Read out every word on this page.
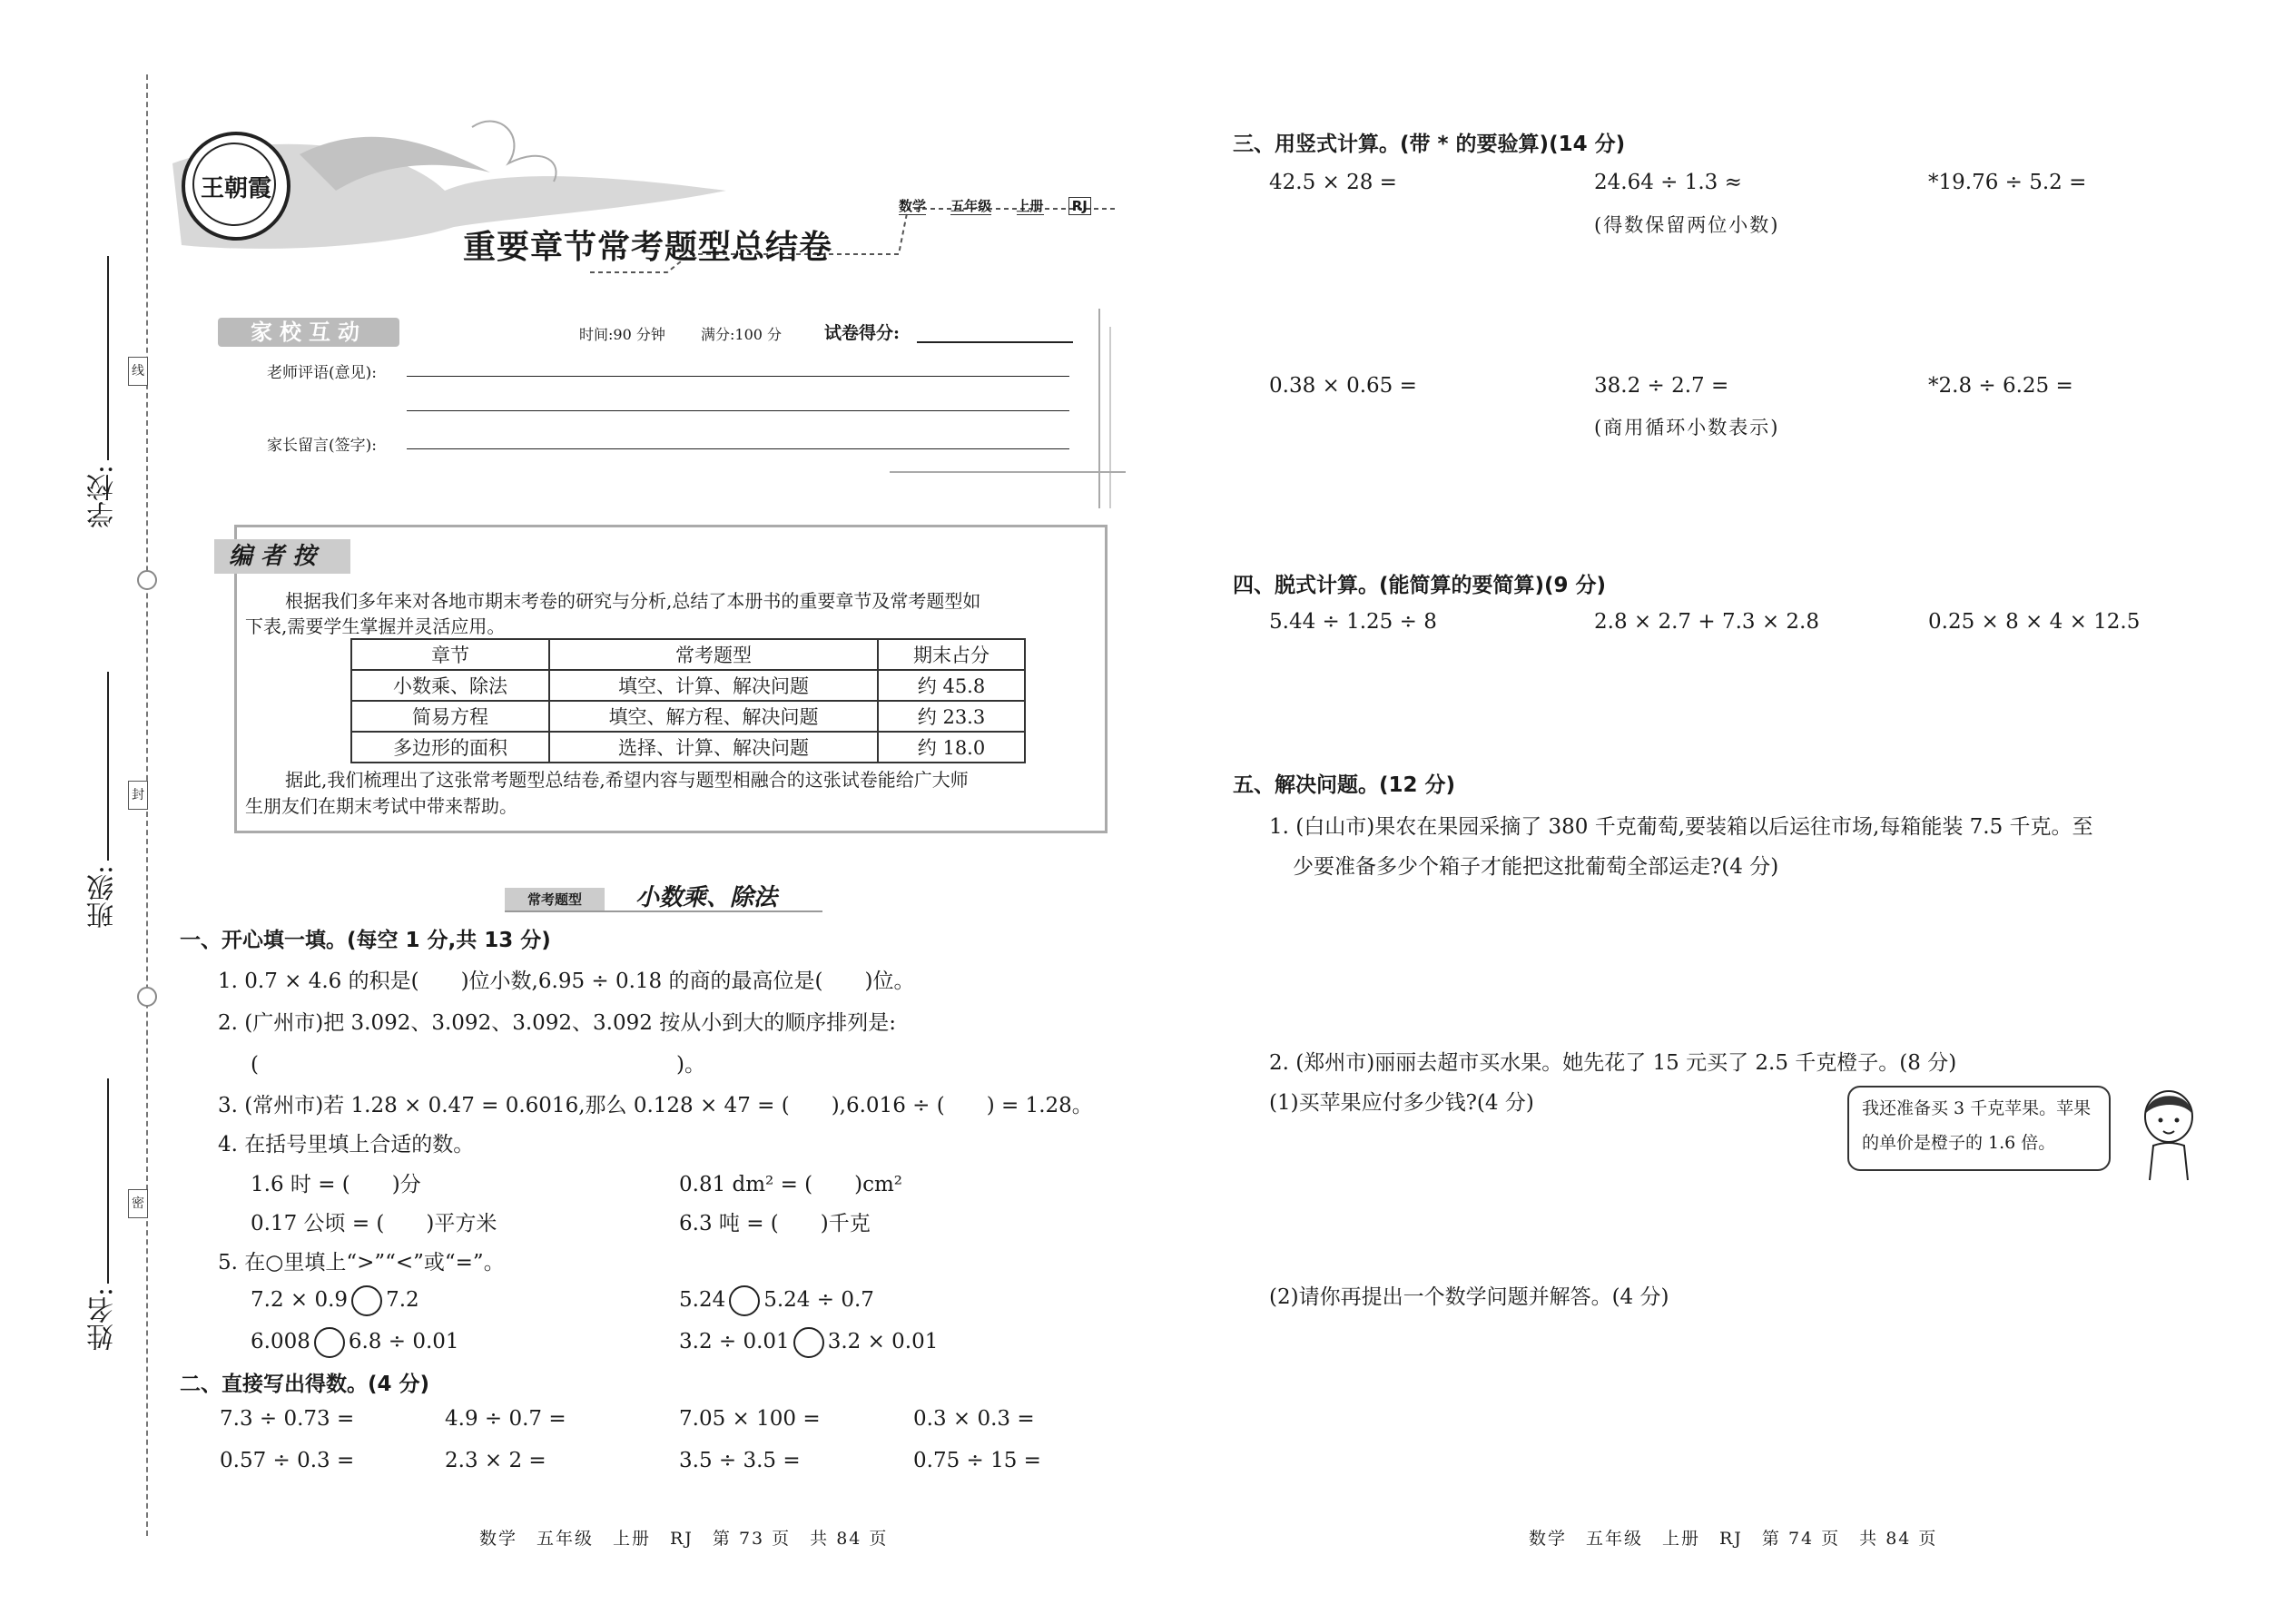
线
封
密
学校:
班级:
姓名:
王朝霞
数学 五年级 上册 RJ
重要章节常考题型总结卷
家校互动	时间:90 分钟 满分:100 分 试卷得分:
老师评语(意见):
家长留言(签字):
编 者 按
根据我们多年来对各地市期末考卷的研究与分析,总结了本册书的重要章节及常考题型如
下表,需要学生掌握并灵活应用。
章节	常考题型	期末占分
小数乘、除法	填空、计算、解决问题	约 45.8
简易方程	填空、解方程、解决问题	约 23.3
多边形的面积	选择、计算、解决问题	约 18.0
据此,我们梳理出了这张常考题型总结卷,希望内容与题型相融合的这张试卷能给广大师
生朋友们在期末考试中带来帮助。
常考题型	小数乘、除法
一、开心填一填。(每空 1 分,共 13 分)
1. 0.7 × 4.6 的积是(　　)位小数,6.95 ÷ 0.18 的商的最高位是(　　)位。
2. (广州市)把 3.092、3.092、3.092、3.092 按从小到大的顺序排列是:
(　　　　　　　　　　　　　　　　　　　　)。
3. (常州市)若 1.28 × 0.47 = 0.6016,那么 0.128 × 47 = (　　),6.016 ÷ (　　) = 1.28。
4. 在括号里填上合适的数。
1.6 时 = (　　)分	0.81 dm² = (　　)cm²
0.17 公顷 = (　　)平方米	6.3 吨 = (　　)千克
5. 在○里填上“>”“<”或“=”。
7.2 × 0.9 7.2	5.24 5.24 ÷ 0.7
6.008 6.8 ÷ 0.01	3.2 ÷ 0.01 3.2 × 0.01
二、直接写出得数。(4 分)
7.3 ÷ 0.73 =	4.9 ÷ 0.7 =	7.05 × 100 =	0.3 × 0.3 =
0.57 ÷ 0.3 =	2.3 × 2 =	3.5 ÷ 3.5 =	0.75 ÷ 15 =
数学　五年级　上册　RJ　第 73 页　共 84 页
三、用竖式计算。(带 * 的要验算)(14 分)
42.5 × 28 =	24.64 ÷ 1.3 ≈	*19.76 ÷ 5.2 =
(得数保留两位小数)
0.38 × 0.65 =	38.2 ÷ 2.7 =	*2.8 ÷ 6.25 =
(商用循环小数表示)
四、脱式计算。(能简算的要简算)(9 分)
5.44 ÷ 1.25 ÷ 8	2.8 × 2.7 + 7.3 × 2.8	0.25 × 8 × 4 × 12.5
五、解决问题。(12 分)
1. (白山市)果农在果园采摘了 380 千克葡萄,要装箱以后运往市场,每箱能装 7.5 千克。至
少要准备多少个箱子才能把这批葡萄全部运走?(4 分)
2. (郑州市)丽丽去超市买水果。她先花了 15 元买了 2.5 千克橙子。(8 分)
(1)买苹果应付多少钱?(4 分)	我还准备买 3 千克苹果。苹果的单价是橙子的 1.6 倍。
(2)请你再提出一个数学问题并解答。(4 分)
数学　五年级　上册　RJ　第 74 页　共 84 页
